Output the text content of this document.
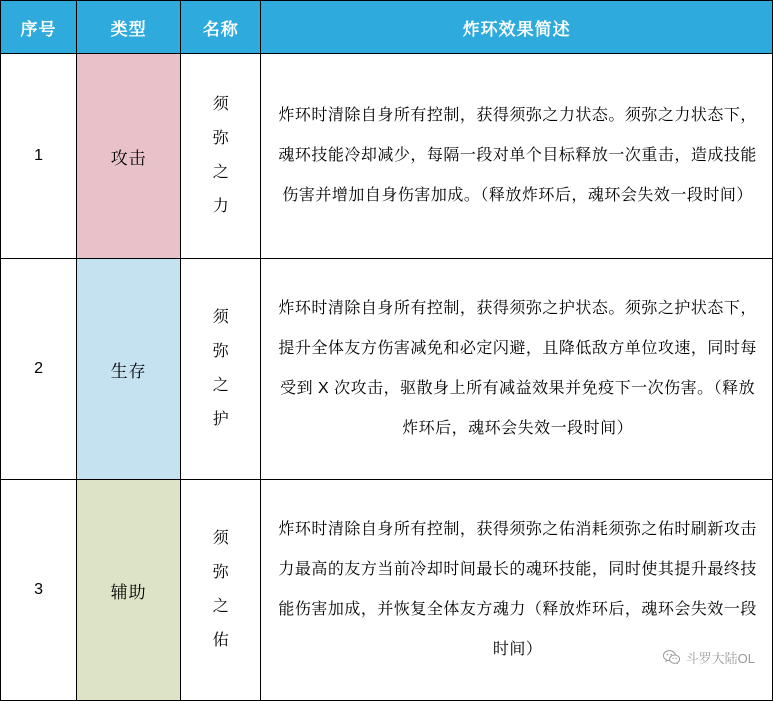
序号	类型	名称	炸环效果简述
1	攻击	须弥之力	炸环时清除自身所有控制，获得须弥之力状态。须弥之力状态下，魂环技能冷却减少，每隔一段对单个目标释放一次重击，造成技能伤害并增加自身伤害加成。（释放炸环后，魂环会失效一段时间）
2	生存	须弥之护	炸环时清除自身所有控制，获得须弥之护状态。须弥之护状态下，提升全体友方伤害减免和必定闪避，且降低敌方单位攻速，同时每受到 X 次攻击，驱散身上所有减益效果并免疫下一次伤害。（释放炸环后，魂环会失效一段时间）
3	辅助	须弥之佑	炸环时清除自身所有控制，获得须弥之佑消耗须弥之佑时刷新攻击力最高的友方当前冷却时间最长的魂环技能，同时使其提升最终技能伤害加成，并恢复全体友方魂力（释放炸环后，魂环会失效一段时间）
斗罗大陆OL
